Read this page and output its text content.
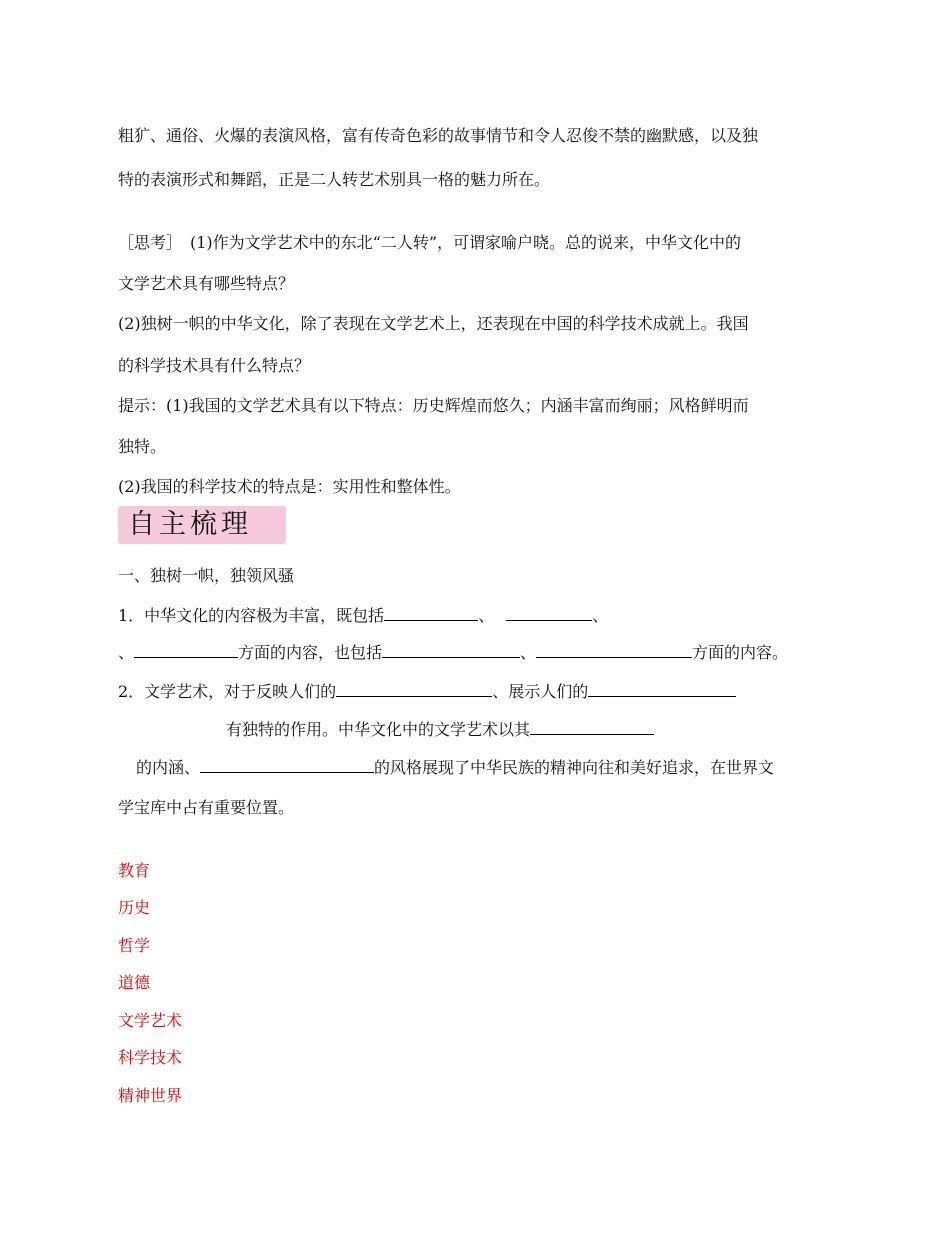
粗犷、通俗、火爆的表演风格，富有传奇色彩的故事情节和令人忍俊不禁的幽默感，以及独
特的表演形式和舞蹈，正是二人转艺术别具一格的魅力所在。
［思考］　(1)作为文学艺术中的东北“二人转”，可谓家喻户晓。总的说来，中华文化中的
文学艺术具有哪些特点？
(2)独树一帜的中华文化，除了表现在文学艺术上，还表现在中国的科学技术成就上。我国
的科学技术具有什么特点？
提示：(1)我国的文学艺术具有以下特点：历史辉煌而悠久；内涵丰富而绚丽；风格鲜明而
独特。
(2)我国的科学技术的特点是：实用性和整体性。
自主梳理
一、独树一帜，独领风骚
1．中华文化的内容极为丰富，既包括	、	、
、	方面的内容，也包括	、	方面的内容。
2．文学艺术，对于反映人们的	、展示人们的
有独特的作用。中华文化中的文学艺术以其
的内涵、	的风格展现了中华民族的精神向往和美好追求，在世界文
学宝库中占有重要位置。
教育
历史
哲学
道德
文学艺术
科学技术
精神世界
